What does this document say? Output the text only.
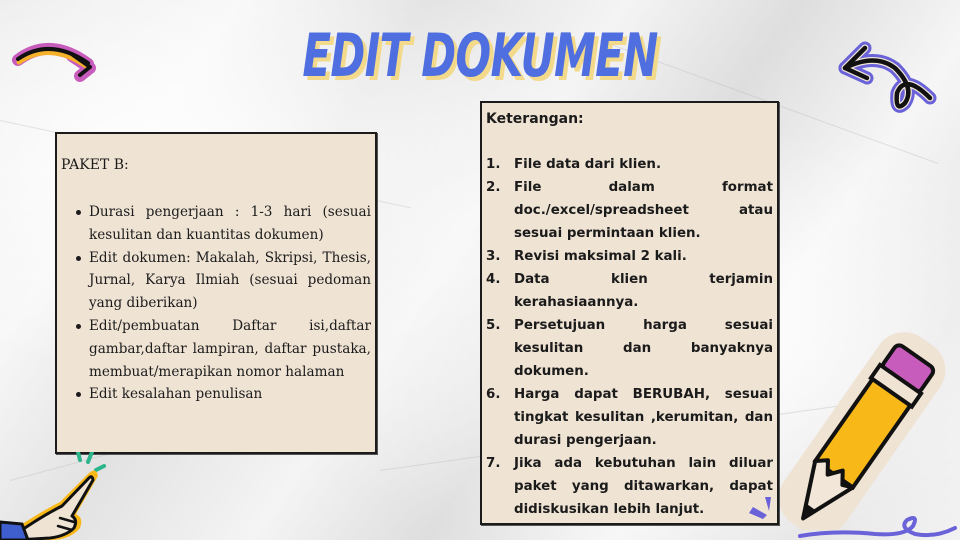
EDIT DOKUMEN
PAKET B:
Durasi pengerjaan : 1-3 hari (sesuai kesulitan dan kuantitas dokumen)
Edit dokumen: Makalah, Skripsi, Thesis, Jurnal, Karya Ilmiah (sesuai pedoman yang diberikan)
Edit/pembuatan Daftar isi,daftar gambar,daftar lampiran, daftar pustaka, membuat/merapikan nomor halaman
Edit kesalahan penulisan
Keterangan:
1.	File data dari klien.
2.	File dalam format doc./excel/spreadsheet atau sesuai permintaan klien.
3.	Revisi maksimal 2 kali.
4.	Data klien terjamin kerahasiaannya.
5.	Persetujuan harga sesuai kesulitan dan banyaknya dokumen.
6.	Harga dapat BERUBAH, sesuai tingkat kesulitan ,kerumitan, dan durasi pengerjaan.
7.	Jika ada kebutuhan lain diluar paket yang ditawarkan, dapat didiskusikan lebih lanjut.
